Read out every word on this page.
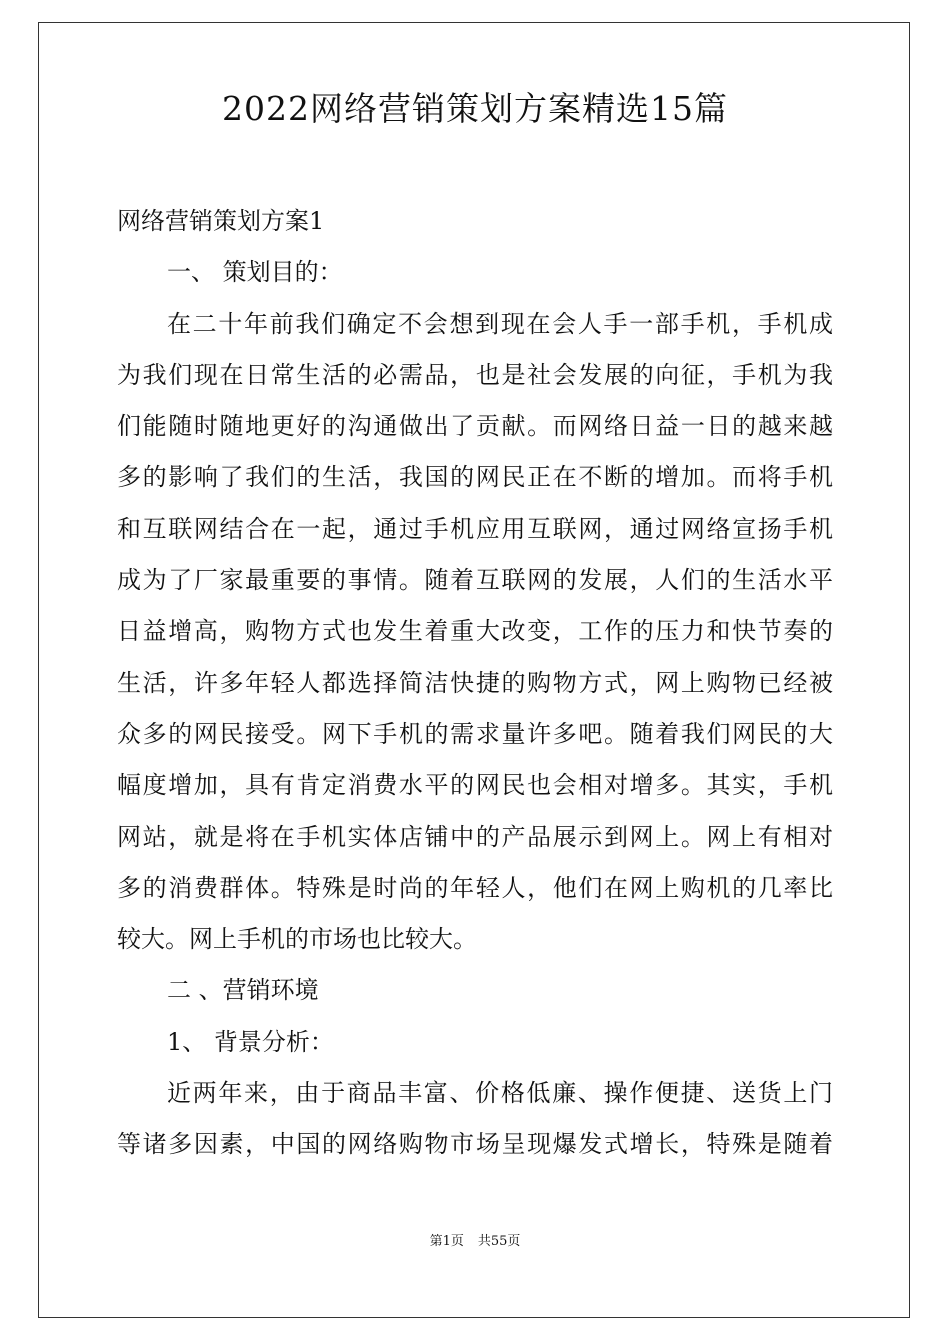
2022网络营销策划方案精选15篇

网络营销策划方案1

一、 策划目的：

在二十年前我们确定不会想到现在会人手一部手机，手机成

为我们现在日常生活的必需品，也是社会发展的向征，手机为我

们能随时随地更好的沟通做出了贡献。而网络日益一日的越来越

多的影响了我们的生活，我国的网民正在不断的增加。而将手机

和互联网结合在一起，通过手机应用互联网，通过网络宣扬手机

成为了厂家最重要的事情。随着互联网的发展，人们的生活水平

日益增高，购物方式也发生着重大改变，工作的压力和快节奏的

生活，许多年轻人都选择简洁快捷的购物方式，网上购物已经被

众多的网民接受。网下手机的需求量许多吧。随着我们网民的大

幅度增加，具有肯定消费水平的网民也会相对增多。其实，手机

网站，就是将在手机实体店铺中的产品展示到网上。网上有相对

多的消费群体。特殊是时尚的年轻人，他们在网上购机的几率比

较大。网上手机的市场也比较大。

二 、营销环境

1、 背景分析：

近两年来，由于商品丰富、价格低廉、操作便捷、送货上门

等诸多因素，中国的网络购物市场呈现爆发式增长，特殊是随着

第1页 共55页
